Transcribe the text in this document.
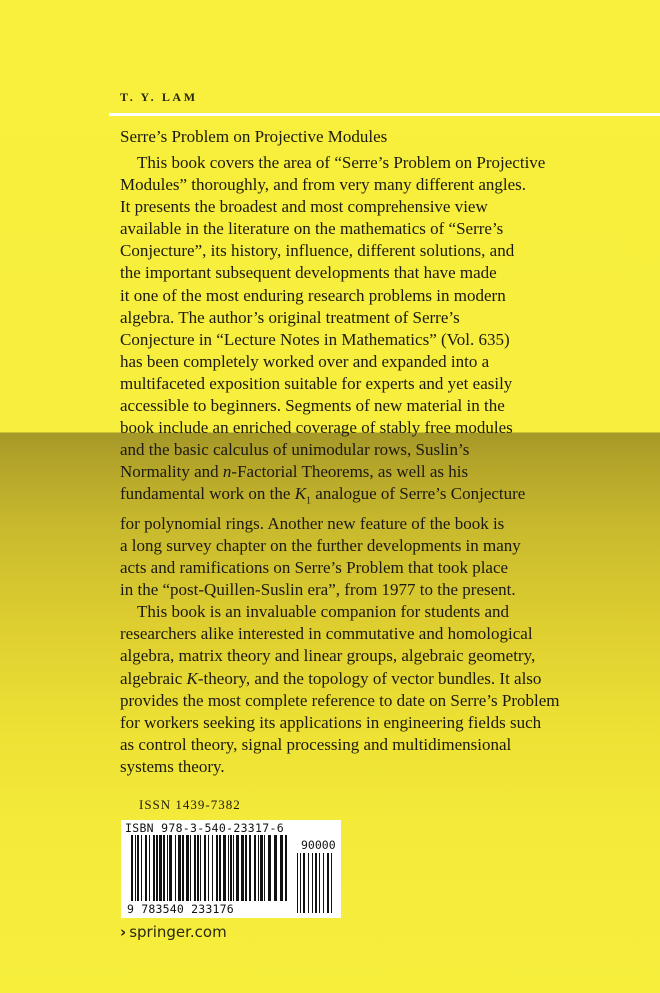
T. Y. LAM
Serre’s Problem on Projective Modules
This book covers the area of “Serre’s Problem on Projective
Modules” thoroughly, and from very many different angles.
It presents the broadest and most comprehensive view
available in the literature on the mathematics of “Serre’s
Conjecture”, its history, influence, different solutions, and
the important subsequent developments that have made
it one of the most enduring research problems in modern
algebra. The author’s original treatment of Serre’s
Conjecture in “Lecture Notes in Mathematics” (Vol. 635)
has been completely worked over and expanded into a
multifaceted exposition suitable for experts and yet easily
accessible to beginners. Segments of new material in the
book include an enriched coverage of stably free modules
and the basic calculus of unimodular rows, Suslin’s
Normality and n-Factorial Theorems, as well as his
fundamental work on the $K_1$ analogue of Serre’s Conjecture
for polynomial rings. Another new feature of the book is
a long survey chapter on the further developments in many
acts and ramifications on Serre’s Problem that took place
in the “post-Quillen-Suslin era”, from 1977 to the present.
This book is an invaluable companion for students and
researchers alike interested in commutative and homological
algebra, matrix theory and linear groups, algebraic geometry,
algebraic K-theory, and the topology of vector bundles. It also
provides the most complete reference to date on Serre’s Problem
for workers seeking its applications in engineering fields such
as control theory, signal processing and multidimensional
systems theory.
ISSN 1439-7382
ISBN 978-3-540-23317-6
90000
9 783540 233176
› springer.com
